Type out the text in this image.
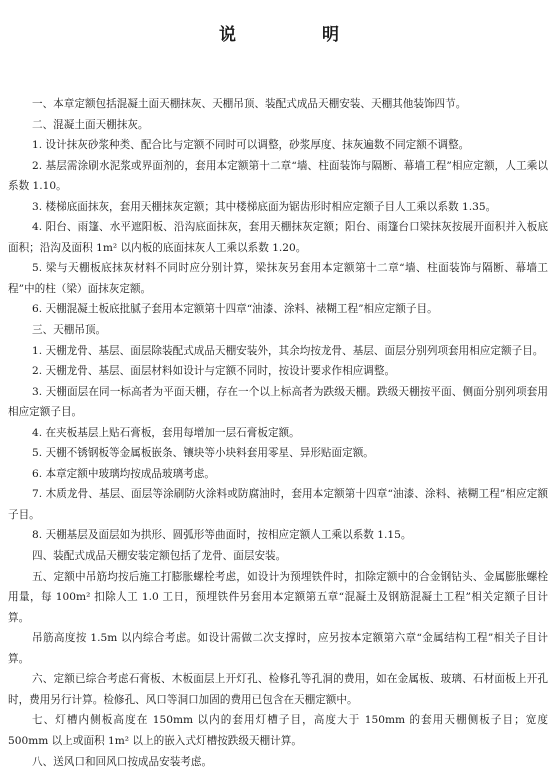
说 明

一、本章定额包括混凝土面天棚抹灰、天棚吊顶、装配式成品天棚安装、天棚其他装饰四节。

二、混凝土面天棚抹灰。

1. 设计抹灰砂浆种类、配合比与定额不同时可以调整，砂浆厚度、抹灰遍数不同定额不调整。

2. 基层需涂刷水泥浆或界面剂的，套用本定额第十二章“墙、柱面装饰与隔断、幕墙工程”相应定额，人工乘以系数 1.10。

3. 楼梯底面抹灰，套用天棚抹灰定额；其中楼梯底面为锯齿形时相应定额子目人工乘以系数 1.35。

4. 阳台、雨篷、水平遮阳板、沿沟底面抹灰，套用天棚抹灰定额；阳台、雨篷台口梁抹灰按展开面积并入板底面积；沿沟及面积 1m² 以内板的底面抹灰人工乘以系数 1.20。

5. 梁与天棚板底抹灰材料不同时应分别计算，梁抹灰另套用本定额第十二章“墙、柱面装饰与隔断、幕墙工程”中的柱（梁）面抹灰定额。

6. 天棚混凝土板底批腻子套用本定额第十四章“油漆、涂料、裱糊工程”相应定额子目。

三、天棚吊顶。

1. 天棚龙骨、基层、面层除装配式成品天棚安装外，其余均按龙骨、基层、面层分别列项套用相应定额子目。

2. 天棚龙骨、基层、面层材料如设计与定额不同时，按设计要求作相应调整。

3. 天棚面层在同一标高者为平面天棚，存在一个以上标高者为跌级天棚。跌级天棚按平面、侧面分别列项套用相应定额子目。

4. 在夹板基层上贴石膏板，套用每增加一层石膏板定额。

5. 天棚不锈钢板等金属板嵌条、镶块等小块料套用零星、异形贴面定额。

6. 本章定额中玻璃均按成品玻璃考虑。

7. 木质龙骨、基层、面层等涂刷防火涂料或防腐油时，套用本定额第十四章“油漆、涂料、裱糊工程”相应定额子目。

8. 天棚基层及面层如为拱形、圆弧形等曲面时，按相应定额人工乘以系数 1.15。

四、装配式成品天棚安装定额包括了龙骨、面层安装。

五、定额中吊筋均按后施工打膨胀螺栓考虑，如设计为预埋铁件时，扣除定额中的合金钢钻头、金属膨胀螺栓用量，每 100m² 扣除人工 1.0 工日，预埋铁件另套用本定额第五章“混凝土及钢筋混凝土工程”相关定额子目计算。

吊筋高度按 1.5m 以内综合考虑。如设计需做二次支撑时，应另按本定额第六章“金属结构工程”相关子目计算。

六、定额已综合考虑石膏板、木板面层上开灯孔、检修孔等孔洞的费用，如在金属板、玻璃、石材面板上开孔时，费用另行计算。检修孔、风口等洞口加固的费用已包含在天棚定额中。

七、灯槽内侧板高度在 150mm 以内的套用灯槽子目，高度大于 150mm 的套用天棚侧板子目；宽度 500mm 以上或面积 1m² 以上的嵌入式灯槽按跌级天棚计算。

八、送风口和回风口按成品安装考虑。
